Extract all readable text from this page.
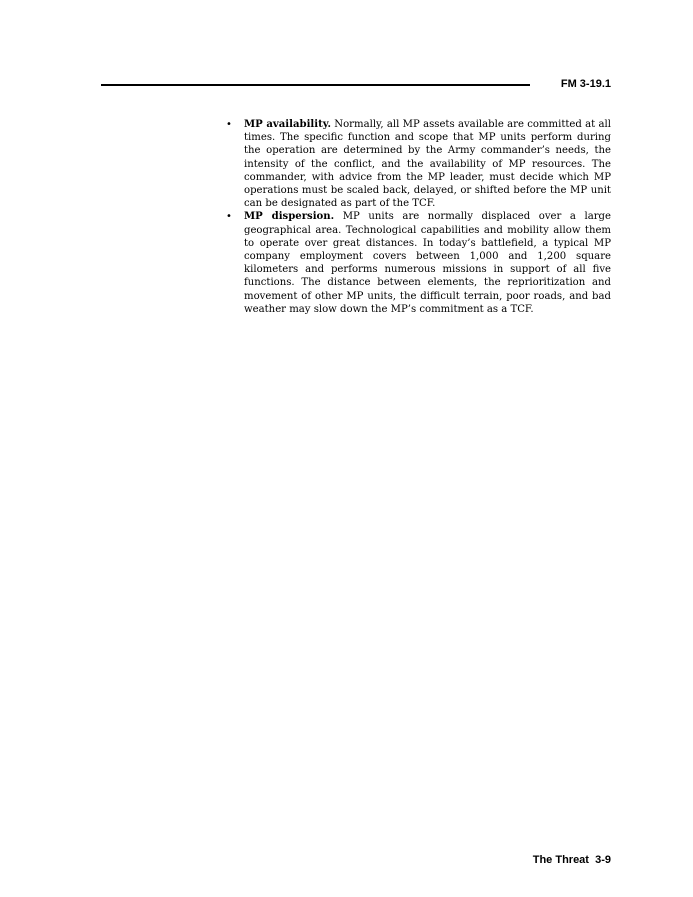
FM 3-19.1
• MP availability. Normally, all MP assets available are committed at all times. The specific function and scope that MP units perform during the operation are determined by the Army commander’s needs, the intensity of the conflict, and the availability of MP resources. The commander, with advice from the MP leader, must decide which MP operations must be scaled back, delayed, or shifted before the MP unit can be designated as part of the TCF.
• MP dispersion. MP units are normally displaced over a large geographical area. Technological capabilities and mobility allow them to operate over great distances. In today’s battlefield, a typical MP company employment covers between 1,000 and 1,200 square kilometers and performs numerous missions in support of all five functions. The distance between elements, the reprioritization and movement of other MP units, the difficult terrain, poor roads, and bad weather may slow down the MP’s commitment as a TCF.
The Threat 3-9
